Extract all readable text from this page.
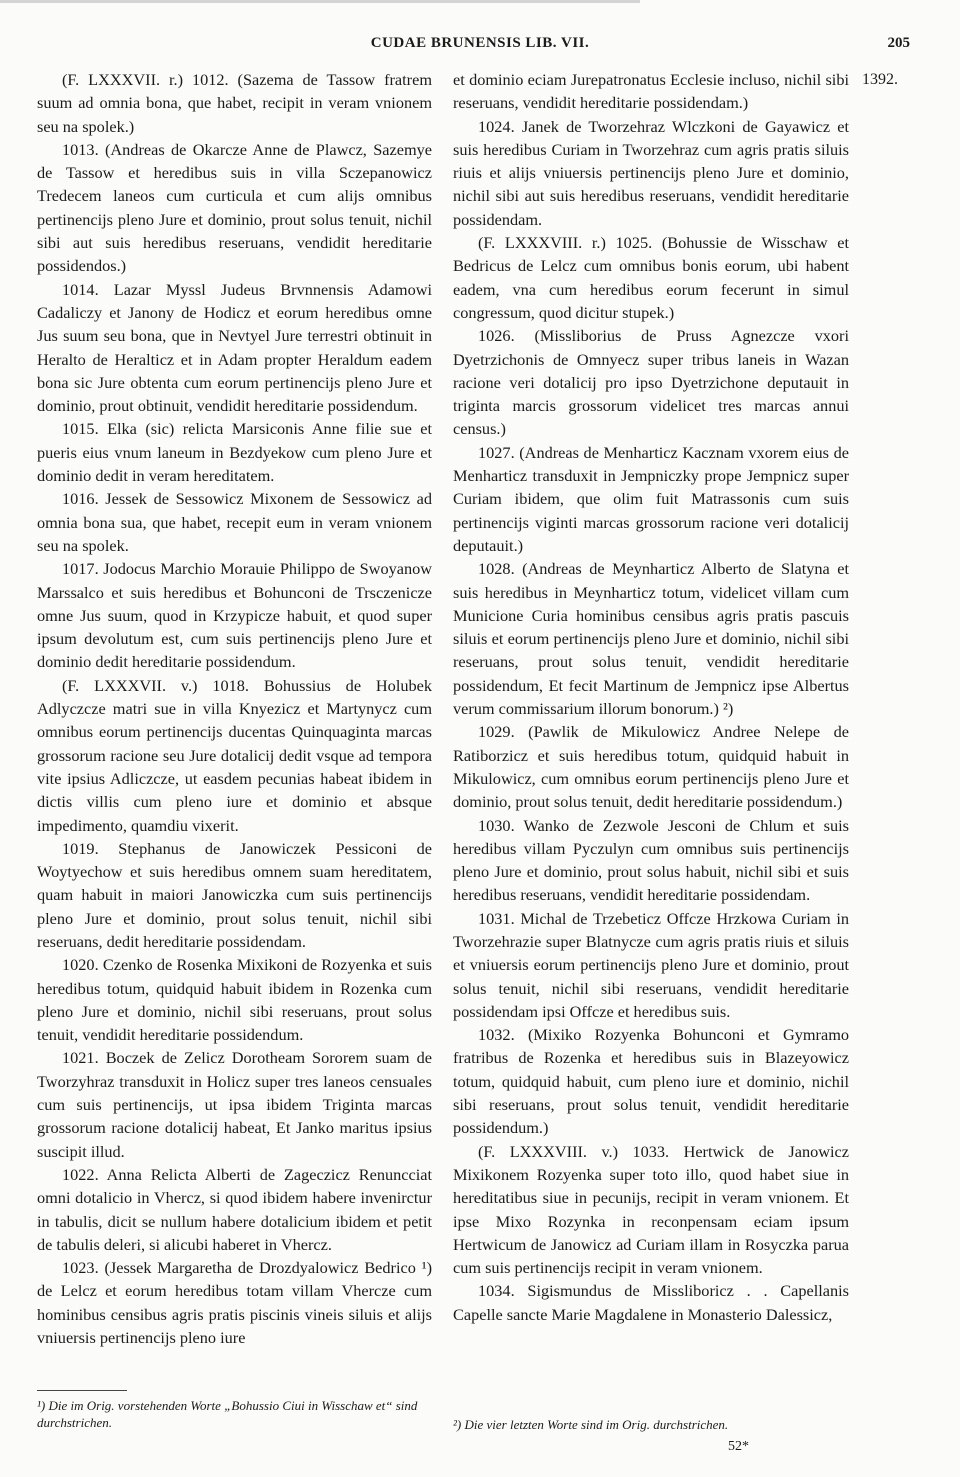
CUDAE BRUNENSIS LIB. VII.	205
1392.

(F. LXXXVII. r.) 1012. (Sazema de Tassow fratrem suum ad omnia bona, que habet, recipit in veram vnionem seu na spolek.)

1013. (Andreas de Okarcze Anne de Plawcz, Sazemye de Tassow et heredibus suis in villa Sczepanowicz Tredecem laneos cum curticula et cum alijs omnibus pertinencijs pleno Jure et dominio, prout solus tenuit, nichil sibi aut suis heredibus reseruans, vendidit hereditarie possidendos.)

1014. Lazar Myssl Judeus Brvnnensis Adamowi Cadaliczy et Janony de Hodicz et eorum heredibus omne Jus suum seu bona, que in Nevtyel Jure terrestri obtinuit in Heralto de Heralticz et in Adam propter Heraldum eadem bona sic Jure obtenta cum eorum pertinencijs pleno Jure et dominio, prout obtinuit, vendidit hereditarie possidendum.

1015. Elka (sic) relicta Marsiconis Anne filie sue et pueris eius vnum laneum in Bezdyekow cum pleno Jure et dominio dedit in veram hereditatem.

1016. Jessek de Sessowicz Mixonem de Sessowicz ad omnia bona sua, que habet, recepit eum in veram vnionem seu na spolek.

1017. Jodocus Marchio Morauie Philippo de Swoyanow Marssalco et suis heredibus et Bohunconi de Trsczenicze omne Jus suum, quod in Krzypicze habuit, et quod super ipsum devolutum est, cum suis pertinencijs pleno Jure et dominio dedit hereditarie possidendum.

(F. LXXXVII. v.) 1018. Bohussius de Holubek Adlyczcze matri sue in villa Knyezicz et Martynycz cum omnibus eorum pertinencijs ducentas Quinquaginta marcas grossorum racione seu Jure dotalicij dedit vsque ad tempora vite ipsius Adliczcze, ut easdem pecunias habeat ibidem in dictis villis cum pleno iure et dominio et absque impedimento, quamdiu vixerit.

1019. Stephanus de Janowiczek Pessiconi de Woytyechow et suis heredibus omnem suam hereditatem, quam habuit in maiori Janowiczka cum suis pertinencijs pleno Jure et dominio, prout solus tenuit, nichil sibi reseruans, dedit hereditarie possidendam.

1020. Czenko de Rosenka Mixikoni de Rozyenka et suis heredibus totum, quidquid habuit ibidem in Rozenka cum pleno Jure et dominio, nichil sibi reseruans, prout solus tenuit, vendidit hereditarie possidendum.

1021. Boczek de Zelicz Dorotheam Sororem suam de Tworzyhraz transduxit in Holicz super tres laneos censuales cum suis pertinencijs, ut ipsa ibidem Triginta marcas grossorum racione dotalicij habeat, Et Janko maritus ipsius suscipit illud.

1022. Anna Relicta Alberti de Zageczicz Renuncciat omni dotalicio in Vhercz, si quod ibidem habere invenirctur in tabulis, dicit se nullum habere dotalicium ibidem et petit de tabulis deleri, si alicubi haberet in Vhercz.

1023. (Jessek Margaretha de Drozdyalowicz Bedrico ¹) de Lelcz et eorum heredibus totam villam Vhercze cum hominibus censibus agris pratis piscinis vineis siluis et alijs vniuersis pertinencijs pleno iure

et dominio eciam Jurepatronatus Ecclesie incluso, nichil sibi reseruans, vendidit hereditarie possidendam.)

1024. Janek de Tworzehraz Wlczkoni de Gayawicz et suis heredibus Curiam in Tworzehraz cum agris pratis siluis riuis et alijs vniuersis pertinencijs pleno Jure et dominio, nichil sibi aut suis heredibus reseruans, vendidit hereditarie possidendam.

(F. LXXXVIII. r.) 1025. (Bohussie de Wisschaw et Bedricus de Lelcz cum omnibus bonis eorum, ubi habent eadem, vna cum heredibus eorum fecerunt in simul congressum, quod dicitur stupek.)

1026. (Missliborius de Pruss Agnezcze vxori Dyetrzichonis de Omnyecz super tribus laneis in Wazan racione veri dotalicij pro ipso Dyetrzichone deputauit in triginta marcis grossorum videlicet tres marcas annui census.)

1027. (Andreas de Menharticz Kacznam vxorem eius de Menharticz transduxit in Jempniczky prope Jempnicz super Curiam ibidem, que olim fuit Matrassonis cum suis pertinencijs viginti marcas grossorum racione veri dotalicij deputauit.)

1028. (Andreas de Meynharticz Alberto de Slatyna et suis heredibus in Meynharticz totum, videlicet villam cum Municione Curia hominibus censibus agris pratis pascuis siluis et eorum pertinencijs pleno Jure et dominio, nichil sibi reseruans, prout solus tenuit, vendidit hereditarie possidendum, Et fecit Martinum de Jempnicz ipse Albertus verum commissarium illorum bonorum.) ²)

1029. (Pawlik de Mikulowicz Andree Nelepe de Ratiborzicz et suis heredibus totum, quidquid habuit in Mikulowicz, cum omnibus eorum pertinencijs pleno Jure et dominio, prout solus tenuit, dedit hereditarie possidendum.)

1030. Wanko de Zezwole Jesconi de Chlum et suis heredibus villam Pyczulyn cum omnibus suis pertinencijs pleno Jure et dominio, prout solus habuit, nichil sibi et suis heredibus reseruans, vendidit hereditarie possidendam.

1031. Michal de Trzebeticz Offcze Hrzkowa Curiam in Tworzehrazie super Blatnycze cum agris pratis riuis et siluis et vniuersis eorum pertinencijs pleno Jure et dominio, prout solus tenuit, nichil sibi reseruans, vendidit hereditarie possidendam ipsi Offcze et heredibus suis.

1032. (Mixiko Rozyenka Bohunconi et Gymramo fratribus de Rozenka et heredibus suis in Blazeyowicz totum, quidquid habuit, cum pleno iure et dominio, nichil sibi reseruans, prout solus tenuit, vendidit hereditarie possidendum.)

(F. LXXXVIII. v.) 1033. Hertwick de Janowicz Mixikonem Rozyenka super toto illo, quod habet siue in hereditatibus siue in pecunijs, recipit in veram vnionem. Et ipse Mixo Rozynka in reconpensam eciam ipsum Hertwicum de Janowicz ad Curiam illam in Rosyczka parua cum suis pertinencijs recipit in veram vnionem.

1034. Sigismundus de Missliboricz . . Capellanis Capelle sancte Marie Magdalene in Monasterio Dalessicz,

¹) Die im Orig. vorstehenden Worte „Bohussio Ciui in Wisschaw et“ sind durchstrichen.	²) Die vier letzten Worte sind im Orig. durchstrichen.
52*
